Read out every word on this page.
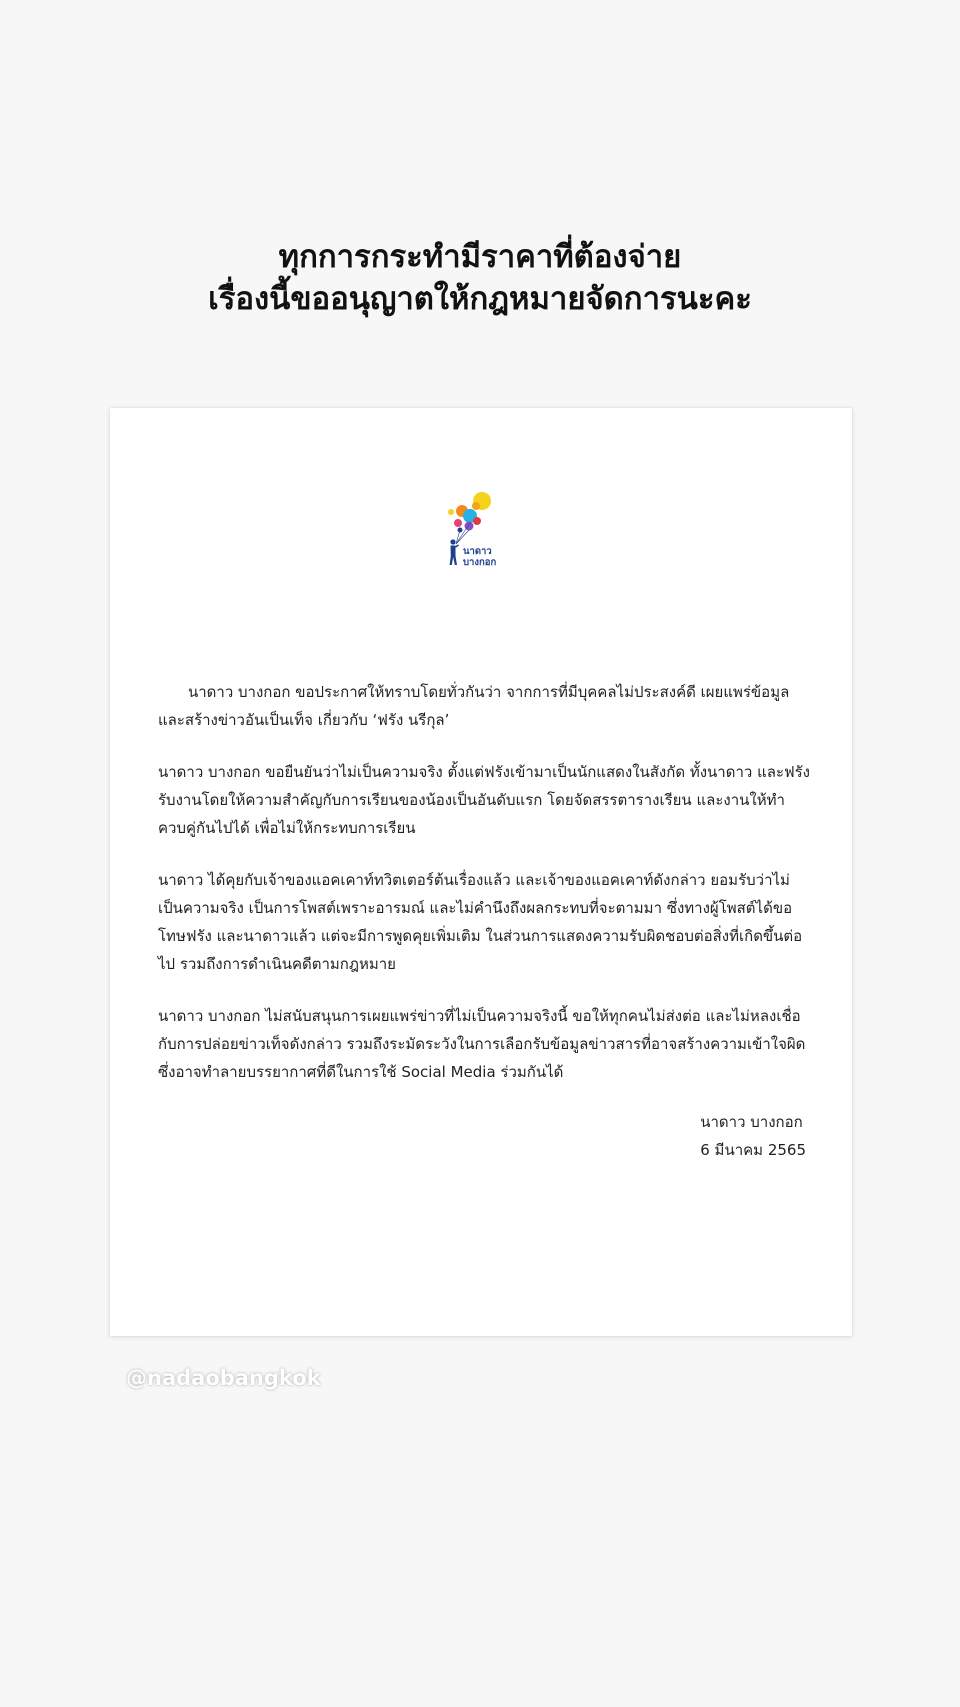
ทุกการกระทำมีราคาที่ต้องจ่าย
เรื่องนี้ขออนุญาตให้กฎหมายจัดการนะคะ
นาดาว
บางกอก

นาดาว บางกอก ขอประกาศให้ทราบโดยทั่วกันว่า จากการที่มีบุคคลไม่ประสงค์ดี เผยแพร่ข้อมูลและสร้างข่าวอันเป็นเท็จ เกี่ยวกับ ‘ฟรัง นรีกุล’

นาดาว บางกอก ขอยืนยันว่าไม่เป็นความจริง ตั้งแต่ฟรังเข้ามาเป็นนักแสดงในสังกัด ทั้งนาดาว และฟรังรับงานโดยให้ความสำคัญกับการเรียนของน้องเป็นอันดับแรก โดยจัดสรรตารางเรียน และงานให้ทำควบคู่กันไปได้ เพื่อไม่ให้กระทบการเรียน

นาดาว ได้คุยกับเจ้าของแอคเคาท์ทวิตเตอร์ต้นเรื่องแล้ว และเจ้าของแอคเคาท์ดังกล่าว ยอมรับว่าไม่เป็นความจริง เป็นการโพสต์เพราะอารมณ์ และไม่คำนึงถึงผลกระทบที่จะตามมา ซึ่งทางผู้โพสต์ได้ขอโทษฟรัง และนาดาวแล้ว แต่จะมีการพูดคุยเพิ่มเติม ในส่วนการแสดงความรับผิดชอบต่อสิ่งที่เกิดขึ้นต่อไป รวมถึงการดำเนินคดีตามกฎหมาย

นาดาว บางกอก ไม่สนับสนุนการเผยแพร่ข่าวที่ไม่เป็นความจริงนี้ ขอให้ทุกคนไม่ส่งต่อ และไม่หลงเชื่อกับการปล่อยข่าวเท็จดังกล่าว รวมถึงระมัดระวังในการเลือกรับข้อมูลข่าวสารที่อาจสร้างความเข้าใจผิด ซึ่งอาจทำลายบรรยากาศที่ดีในการใช้ Social Media ร่วมกันได้

นาดาว บางกอก
6 มีนาคม 2565
@nadaobangkok
